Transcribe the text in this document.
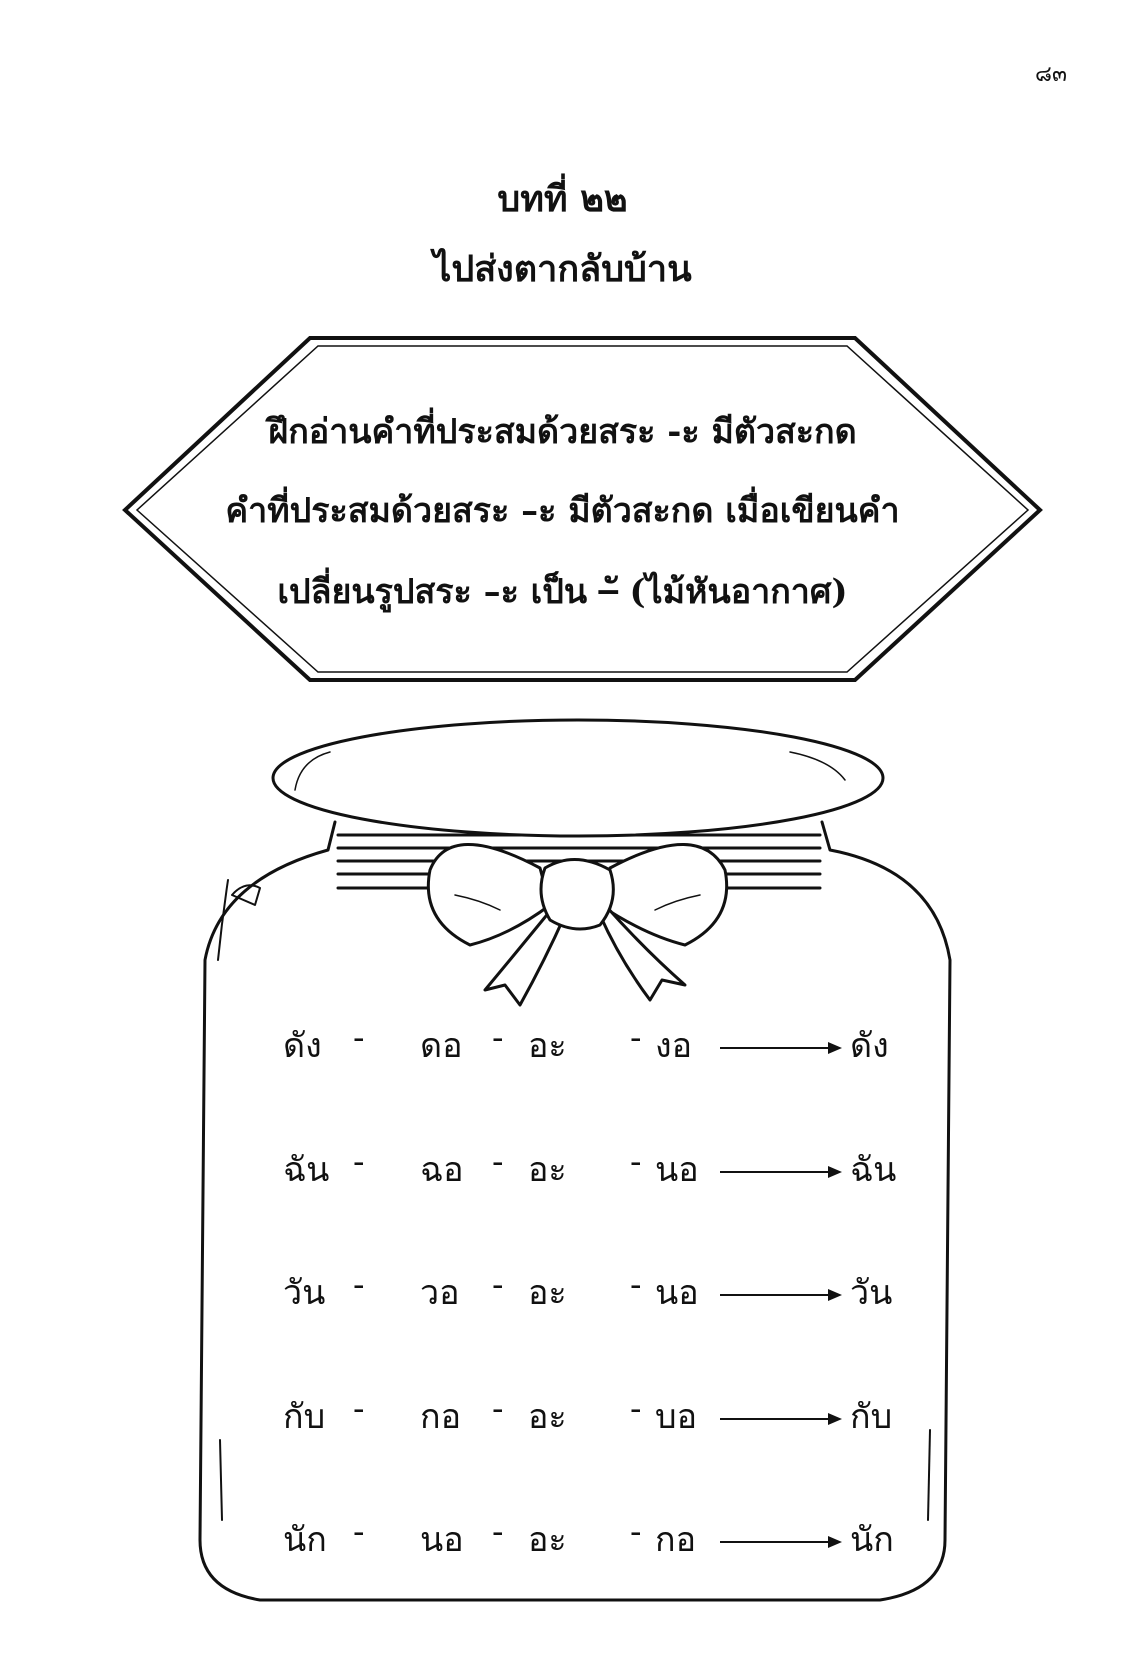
๘๓
บทที่ ๒๒
ไปส่งตากลับบ้าน
ฝึกอ่านคำที่ประสมด้วยสระ -ะ มีตัวสะกด
คำที่ประสมด้วยสระ –ะ มีตัวสะกด เมื่อเขียนคำ
เปลี่ยนรูปสระ –ะ เป็น –ั (ไม้หันอากาศ)
ดัง - ดอ - อะ - งอ	ดัง
ฉัน - ฉอ - อะ - นอ	ฉัน
วัน - วอ - อะ - นอ	วัน
กับ - กอ - อะ - บอ	กับ
นัก - นอ - อะ - กอ	นัก
